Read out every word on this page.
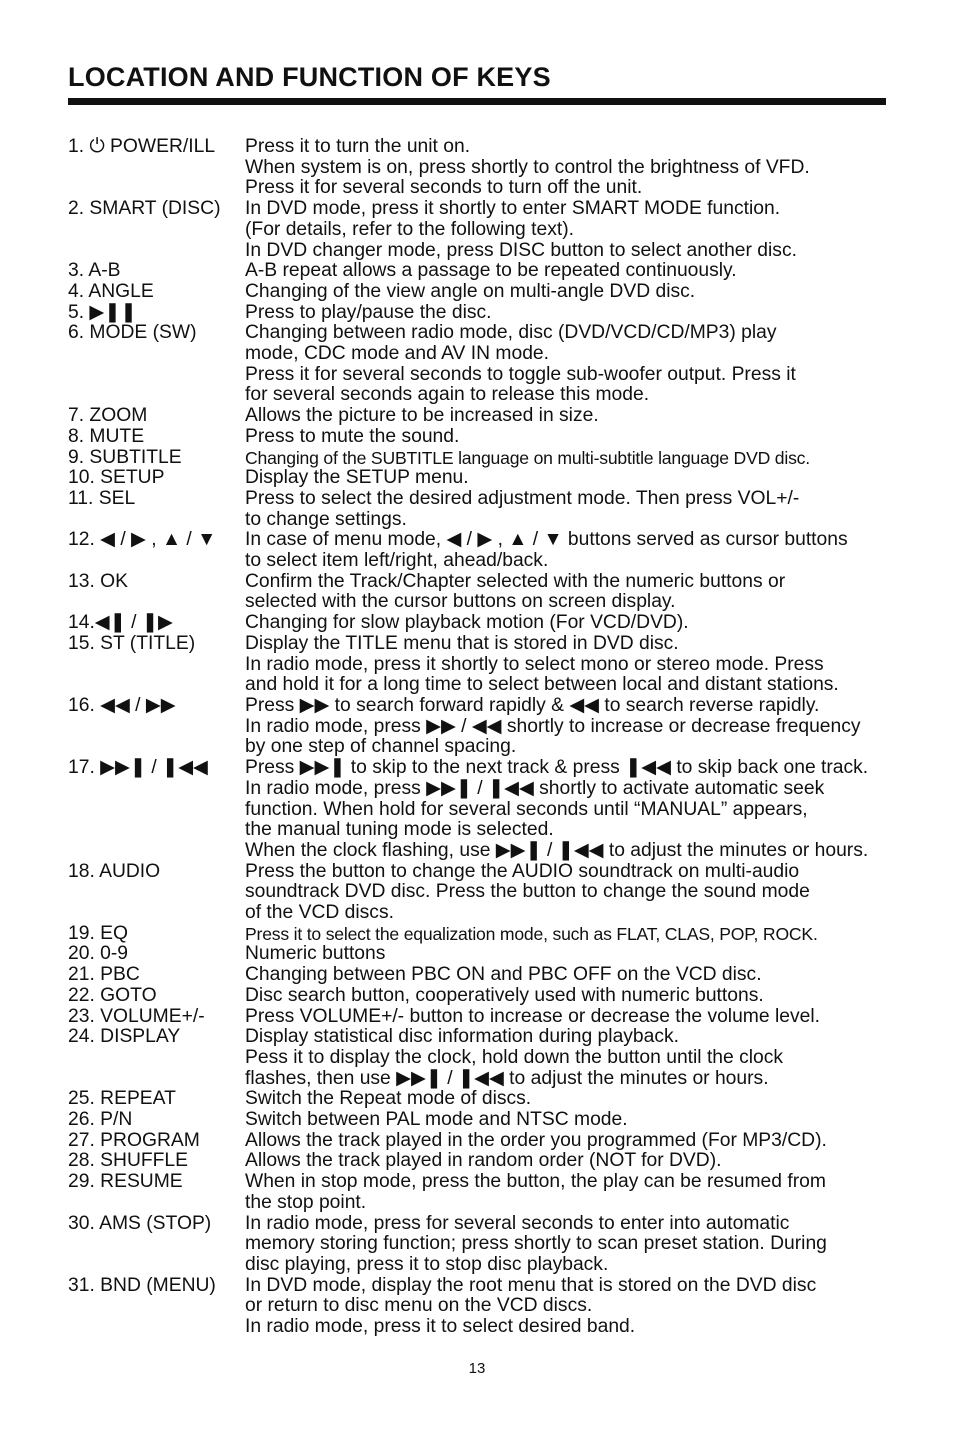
LOCATION AND FUNCTION OF KEYS
1. ⏻ POWER/ILL	Press it to turn the unit on.
When system is on, press shortly to control the brightness of VFD.
Press it for several seconds to turn off the unit.
2. SMART (DISC)	In DVD mode, press it shortly to enter SMART MODE function.
(For details, refer to the following text).
In DVD changer mode, press DISC button to select another disc.
3. A-B	A-B repeat allows a passage to be repeated continuously.
4. ANGLE	Changing of the view angle on multi-angle DVD disc.
5. ▶❚❚	Press to play/pause the disc.
6. MODE (SW)	Changing between radio mode, disc (DVD/VCD/CD/MP3) play
mode, CDC mode and AV IN mode.
Press it for several seconds to toggle sub-woofer output. Press it
for several seconds again to release this mode.
7. ZOOM	Allows the picture to be increased in size.
8. MUTE	Press to mute the sound.
9. SUBTITLE	Changing of the SUBTITLE language on multi-subtitle language DVD disc.
10. SETUP	Display the SETUP menu.
11. SEL	Press to select the desired adjustment mode. Then press VOL+/-
to change settings.
12. ◀ / ▶ , ▲ / ▼	In case of menu mode, ◀ / ▶ , ▲ / ▼ buttons served as cursor buttons
to select item left/right, ahead/back.
13. OK	Confirm the Track/Chapter selected with the numeric buttons or
selected with the cursor buttons on screen display.
14.◀❚ / ❚▶	Changing for slow playback motion (For VCD/DVD).
15. ST (TITLE)	Display the TITLE menu that is stored in DVD disc.
In radio mode, press it shortly to select mono or stereo mode. Press
and hold it for a long time to select between local and distant stations.
16. ◀◀ / ▶▶	Press ▶▶ to search forward rapidly & ◀◀ to search reverse rapidly.
In radio mode, press ▶▶ / ◀◀ shortly to increase or decrease frequency
by one step of channel spacing.
17. ▶▶❚ / ❚◀◀	Press ▶▶❚ to skip to the next track & press ❚◀◀ to skip back one track.
In radio mode, press ▶▶❚ / ❚◀◀ shortly to activate automatic seek
function. When hold for several seconds until “MANUAL” appears,
the manual tuning mode is selected.
When the clock flashing, use ▶▶❚ / ❚◀◀ to adjust the minutes or hours.
18. AUDIO	Press the button to change the AUDIO soundtrack on multi-audio
soundtrack DVD disc. Press the button to change the sound mode
of the VCD discs.
19. EQ	Press it to select the equalization mode, such as FLAT, CLAS, POP, ROCK.
20. 0-9	Numeric buttons
21. PBC	Changing between PBC ON and PBC OFF on the VCD disc.
22. GOTO	Disc search button, cooperatively used with numeric buttons.
23. VOLUME+/-	Press VOLUME+/- button to increase or decrease the volume level.
24. DISPLAY	Display statistical disc information during playback.
Pess it to display the clock, hold down the button until the clock
flashes, then use ▶▶❚ / ❚◀◀ to adjust the minutes or hours.
25. REPEAT	Switch the Repeat mode of discs.
26. P/N	Switch between PAL mode and NTSC mode.
27. PROGRAM	Allows the track played in the order you programmed (For MP3/CD).
28. SHUFFLE	Allows the track played in random order (NOT for DVD).
29. RESUME	When in stop mode, press the button, the play can be resumed from
the stop point.
30. AMS (STOP)	In radio mode, press for several seconds to enter into automatic
memory storing function; press shortly to scan preset station. During
disc playing, press it to stop disc playback.
31. BND (MENU)	In DVD mode, display the root menu that is stored on the DVD disc
or return to disc menu on the VCD discs.
In radio mode, press it to select desired band.
13
